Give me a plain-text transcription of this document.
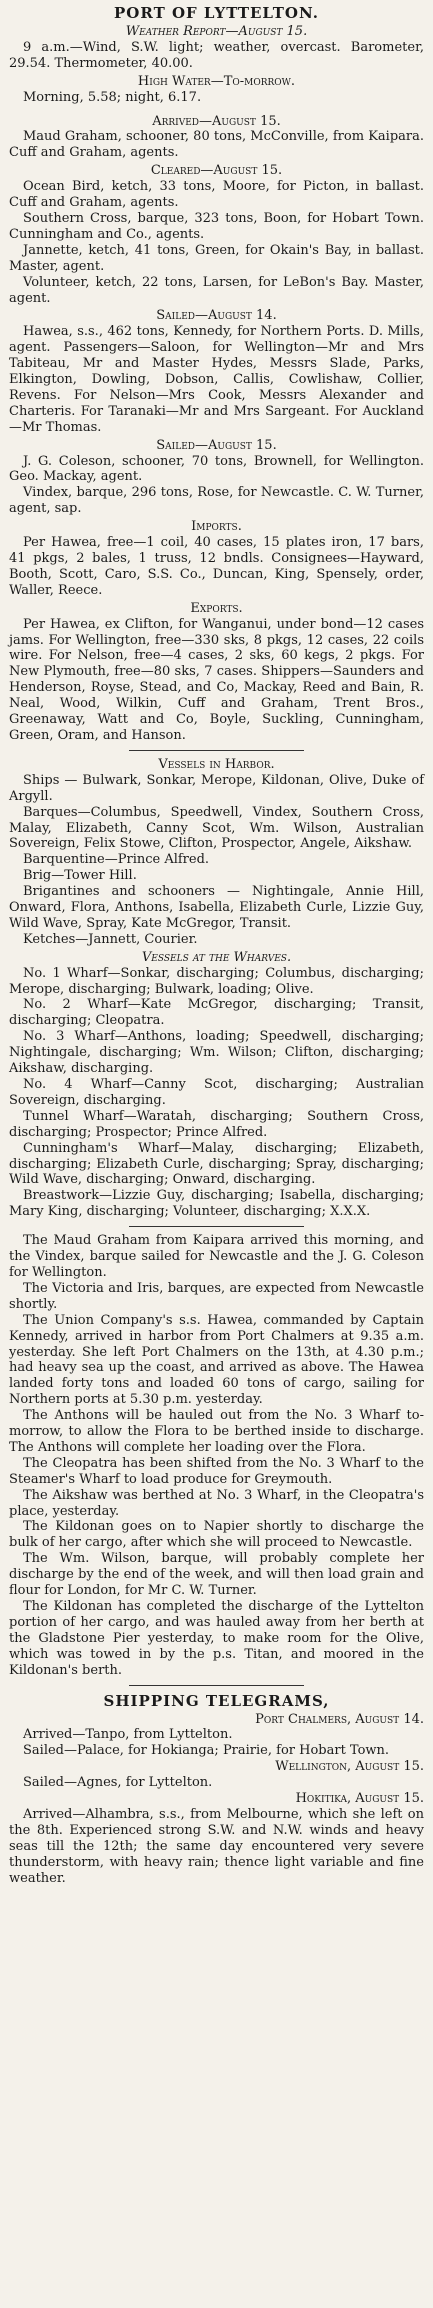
PORT OF LYTTELTON.
Weather Report—August 15.

9 a.m.—Wind, S.W. light; weather, overcast. Barometer, 29.54. Thermometer, 40.00.

High Water—To-morrow.

Morning, 5.58; night, 6.17.

Arrived—August 15.

Maud Graham, schooner, 80 tons, McConville, from Kaipara. Cuff and Graham, agents.

Cleared—August 15.

Ocean Bird, ketch, 33 tons, Moore, for Picton, in ballast. Cuff and Graham, agents.

Southern Cross, barque, 323 tons, Boon, for Hobart Town. Cunningham and Co., agents.

Jannette, ketch, 41 tons, Green, for Okain's Bay, in ballast. Master, agent.

Volunteer, ketch, 22 tons, Larsen, for LeBon's Bay. Master, agent.

Sailed—August 14.

Hawea, s.s., 462 tons, Kennedy, for Northern Ports. D. Mills, agent. Passengers—Saloon, for Wellington—Mr and Mrs Tabiteau, Mr and Master Hydes, Messrs Slade, Parks, Elkington, Dowling, Dobson, Callis, Cowlishaw, Collier, Revens. For Nelson—Mrs Cook, Messrs Alexander and Charteris. For Taranaki—Mr and Mrs Sargeant. For Auckland—Mr Thomas.

Sailed—August 15.

J. G. Coleson, schooner, 70 tons, Brownell, for Wellington. Geo. Mackay, agent.

Vindex, barque, 296 tons, Rose, for Newcastle. C. W. Turner, agent, sap.

Imports.

Per Hawea, free—1 coil, 40 cases, 15 plates iron, 17 bars, 41 pkgs, 2 bales, 1 truss, 12 bndls. Consignees—Hayward, Booth, Scott, Caro, S.S. Co., Duncan, King, Spensely, order, Waller, Reece.

Exports.

Per Hawea, ex Clifton, for Wanganui, under bond—12 cases jams. For Wellington, free—330 sks, 8 pkgs, 12 cases, 22 coils wire. For Nelson, free—4 cases, 2 sks, 60 kegs, 2 pkgs. For New Plymouth, free—80 sks, 7 cases. Shippers—Saunders and Henderson, Royse, Stead, and Co, Mackay, Reed and Bain, R. Neal, Wood, Wilkin, Cuff and Graham, Trent Bros., Greenaway, Watt and Co, Boyle, Suckling, Cunningham, Green, Oram, and Hanson.

Vessels in Harbor.

Ships — Bulwark, Sonkar, Merope, Kildonan, Olive, Duke of Argyll.

Barques—Columbus, Speedwell, Vindex, Southern Cross, Malay, Elizabeth, Canny Scot, Wm. Wilson, Australian Sovereign, Felix Stowe, Clifton, Prospector, Angele, Aikshaw.

Barquentine—Prince Alfred.

Brig—Tower Hill.

Brigantines and schooners — Nightingale, Annie Hill, Onward, Flora, Anthons, Isabella, Elizabeth Curle, Lizzie Guy, Wild Wave, Spray, Kate McGregor, Transit.

Ketches—Jannett, Courier.

Vessels at the Wharves.

No. 1 Wharf—Sonkar, discharging; Columbus, discharging; Merope, discharging; Bulwark, loading; Olive.

No. 2 Wharf—Kate McGregor, discharging; Transit, discharging; Cleopatra.

No. 3 Wharf—Anthons, loading; Speedwell, discharging; Nightingale, discharging; Wm. Wilson; Clifton, discharging; Aikshaw, discharging.

No. 4 Wharf—Canny Scot, discharging; Australian Sovereign, discharging.

Tunnel Wharf—Waratah, discharging; Southern Cross, discharging; Prospector; Prince Alfred.

Cunningham's Wharf—Malay, discharging; Elizabeth, discharging; Elizabeth Curle, discharging; Spray, discharging; Wild Wave, discharging; Onward, discharging.

Breastwork—Lizzie Guy, discharging; Isabella, discharging; Mary King, discharging; Volunteer, discharging; X.X.X.

The Maud Graham from Kaipara arrived this morning, and the Vindex, barque sailed for Newcastle and the J. G. Coleson for Wellington.

The Victoria and Iris, barques, are expected from Newcastle shortly.

The Union Company's s.s. Hawea, commanded by Captain Kennedy, arrived in harbor from Port Chalmers at 9.35 a.m. yesterday. She left Port Chalmers on the 13th, at 4.30 p.m.; had heavy sea up the coast, and arrived as above. The Hawea landed forty tons and loaded 60 tons of cargo, sailing for Northern ports at 5.30 p.m. yesterday.

The Anthons will be hauled out from the No. 3 Wharf to-morrow, to allow the Flora to be berthed inside to discharge. The Anthons will complete her loading over the Flora.

The Cleopatra has been shifted from the No. 3 Wharf to the Steamer's Wharf to load produce for Greymouth.

The Aikshaw was berthed at No. 3 Wharf, in the Cleopatra's place, yesterday.

The Kildonan goes on to Napier shortly to discharge the bulk of her cargo, after which she will proceed to Newcastle.

The Wm. Wilson, barque, will probably complete her discharge by the end of the week, and will then load grain and flour for London, for Mr C. W. Turner.

The Kildonan has completed the discharge of the Lyttelton portion of her cargo, and was hauled away from her berth at the Gladstone Pier yesterday, to make room for the Olive, which was towed in by the p.s. Titan, and moored in the Kildonan's berth.

SHIPPING TELEGRAMS,

Port Chalmers, August 14.

Arrived—Tanpo, from Lyttelton.

Sailed—Palace, for Hokianga; Prairie, for Hobart Town.

Wellington, August 15.

Sailed—Agnes, for Lyttelton.

Hokitika, August 15.

Arrived—Alhambra, s.s., from Melbourne, which she left on the 8th. Experienced strong S.W. and N.W. winds and heavy seas till the 12th; the same day encountered very severe thunderstorm, with heavy rain; thence light variable and fine weather.
